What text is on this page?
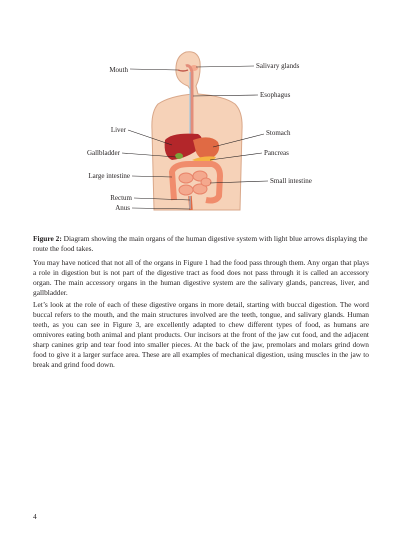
Mouth	Salivary glands
Esophagus
Liver	Stomach
Gallbladder	Pancreas
Large intestine
Small intestine
Rectum
Anus

Figure 2: Diagram showing the main organs of the human digestive system with light blue arrows displaying the route the food takes.

You may have noticed that not all of the organs in Figure 1 had the food pass through them. Any organ that plays a role in digestion but is not part of the digestive tract as food does not pass through it is called an accessory organ. The main accessory organs in the human digestive system are the salivary glands, pancreas, liver, and gallbladder.

Let’s look at the role of each of these digestive organs in more detail, starting with buccal digestion. The word buccal refers to the mouth, and the main structures involved are the teeth, tongue, and salivary glands. Human teeth, as you can see in Figure 3, are excellently adapted to chew different types of food, as humans are omnivores eating both animal and plant products. Our incisors at the front of the jaw cut food, and the adjacent sharp canines grip and tear food into smaller pieces. At the back of the jaw, premolars and molars grind down food to give it a larger surface area. These are all examples of mechanical digestion, using muscles in the jaw to break and grind food down.

4
